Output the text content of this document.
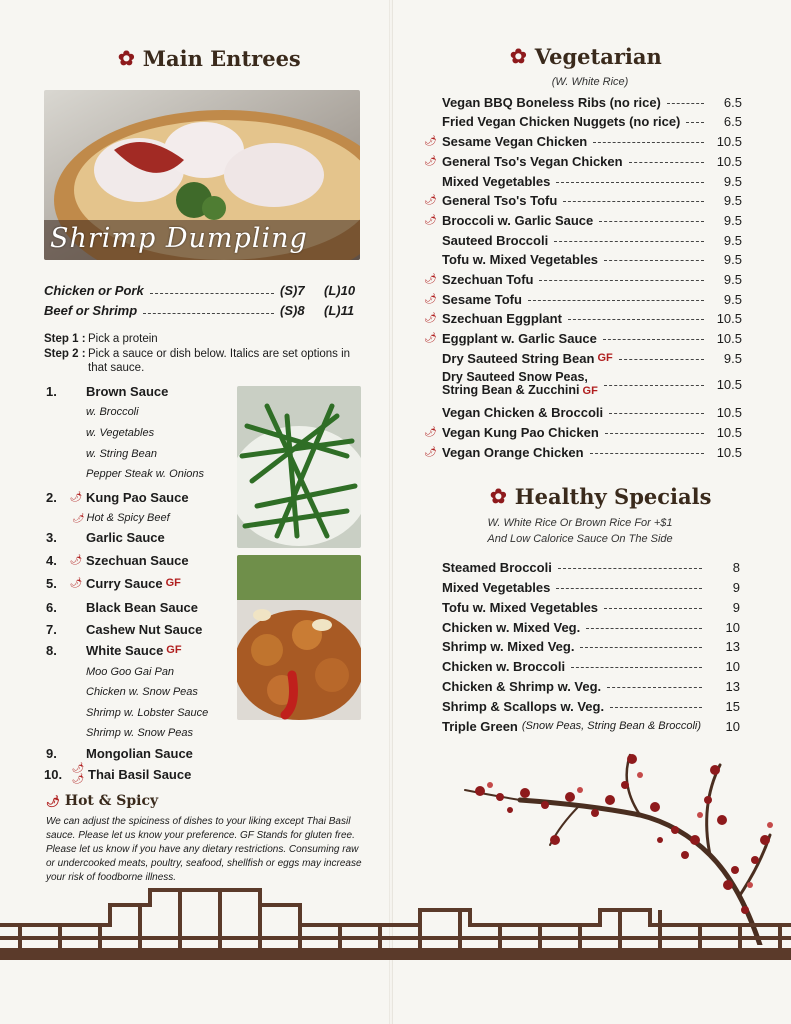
✿ Main Entrees
Shrimp Dumpling
Chicken or Pork	(S)7	(L)10
Beef or Shrimp	(S)8	(L)11
Step 1 : Pick a protein
Step 2 : Pick a sauce or dish below. Italics are set options in that sauce.
1.	Brown Sauce
w. Broccoli
w. Vegetables
w. String Bean
Pepper Steak w. Onions
2.	🌶 Kung Pao Sauce
🌶 Hot & Spicy Beef
3.	Garlic Sauce
4.	🌶 Szechuan Sauce
5.	🌶 Curry Sauce GF
6.	Black Bean Sauce
7.	Cashew Nut Sauce
8.	White Sauce GF
Moo Goo Gai Pan
Chicken w. Snow Peas
Shrimp w. Lobster Sauce
Shrimp w. Snow Peas
9.	Mongolian Sauce
10. 🌶🌶 Thai Basil Sauce
🌶 Hot & Spicy
We can adjust the spiciness of dishes to your liking except Thai Basil sauce. Please let us know your preference. GF Stands for gluten free. Please let us know if you have any dietary restrictions. Consuming raw or undercooked meats, poultry, seafood, shellfish or eggs may increase your risk of foodborne illness.
✿ Vegetarian
(W. White Rice)
Vegan BBQ Boneless Ribs (no rice)	6.5
Fried Vegan Chicken Nuggets (no rice)	6.5
🌶 Sesame Vegan Chicken	10.5
🌶 General Tso's Vegan Chicken	10.5
Mixed Vegetables	9.5
🌶 General Tso's Tofu	9.5
🌶 Broccoli w. Garlic Sauce	9.5
Sauteed Broccoli	9.5
Tofu w. Mixed Vegetables	9.5
🌶 Szechuan Tofu	9.5
🌶 Sesame Tofu	9.5
🌶 Szechuan Eggplant	10.5
🌶 Eggplant w. Garlic Sauce	10.5
Dry Sauteed String Bean GF	9.5
Dry Sauteed Snow Peas,
String Bean & Zucchini GF	10.5
Vegan Chicken & Broccoli	10.5
🌶 Vegan Kung Pao Chicken	10.5
🌶 Vegan Orange Chicken	10.5
✿ Healthy Specials
W. White Rice Or Brown Rice For +$1
And Low Calorice Sauce On The Side
Steamed Broccoli	8
Mixed Vegetables	9
Tofu w. Mixed Vegetables	9
Chicken w. Mixed Veg.	10
Shrimp w. Mixed Veg.	13
Chicken w. Broccoli	10
Chicken & Shrimp w. Veg.	13
Shrimp & Scallops w. Veg.	15
Triple Green (Snow Peas, String Bean & Broccoli)	10
